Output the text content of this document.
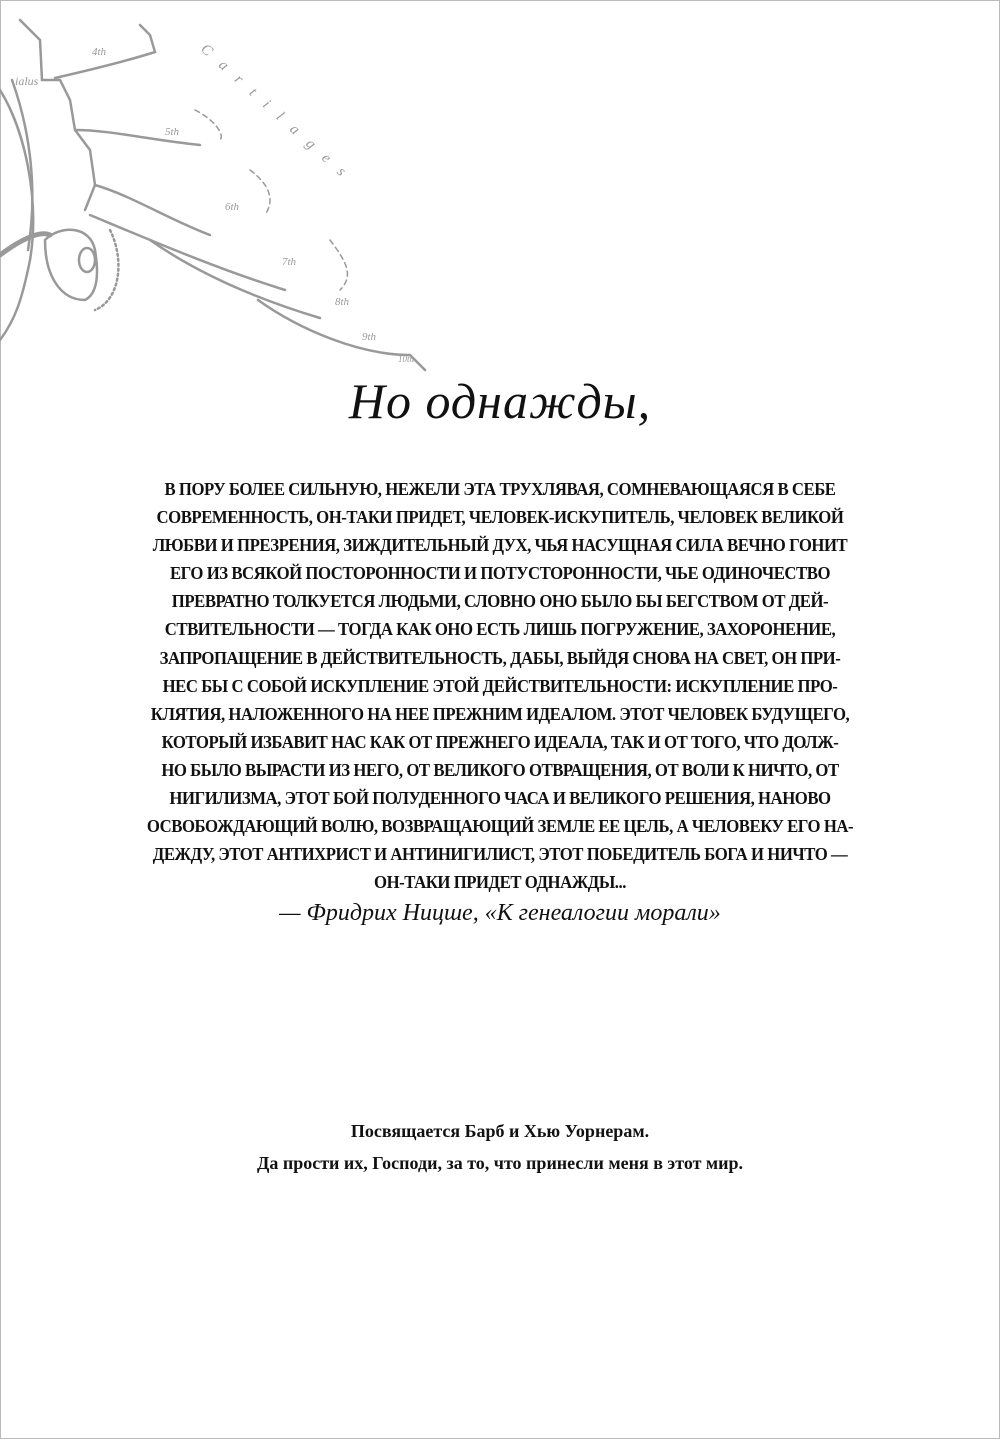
ialus
4th
5th
6th
7th
8th
9th
10th
Cartilages
Но однажды,
В ПОРУ БОЛЕЕ СИЛЬНУЮ, НЕЖЕЛИ ЭТА ТРУХЛЯВАЯ, СОМНЕВАЮЩАЯСЯ В СЕБЕ
СОВРЕМЕННОСТЬ, ОН-ТАКИ ПРИДЕТ, ЧЕЛОВЕК-ИСКУПИТЕЛЬ, ЧЕЛОВЕК ВЕЛИКОЙ
ЛЮБВИ И ПРЕЗРЕНИЯ, ЗИЖДИТЕЛЬНЫЙ ДУХ, ЧЬЯ НАСУЩНАЯ СИЛА ВЕЧНО ГОНИТ
ЕГО ИЗ ВСЯКОЙ ПОСТОРОННОСТИ И ПОТУСТОРОННОСТИ, ЧЬЕ ОДИНОЧЕСТВО
ПРЕВРАТНО ТОЛКУЕТСЯ ЛЮДЬМИ, СЛОВНО ОНО БЫЛО БЫ БЕГСТВОМ ОТ ДЕЙ-
СТВИТЕЛЬНОСТИ — ТОГДА КАК ОНО ЕСТЬ ЛИШЬ ПОГРУЖЕНИЕ, ЗАХОРОНЕНИЕ,
ЗАПРОПАЩЕНИЕ В ДЕЙСТВИТЕЛЬНОСТЬ, ДАБЫ, ВЫЙДЯ СНОВА НА СВЕТ, ОН ПРИ-
НЕС БЫ С СОБОЙ ИСКУПЛЕНИЕ ЭТОЙ ДЕЙСТВИТЕЛЬНОСТИ: ИСКУПЛЕНИЕ ПРО-
КЛЯТИЯ, НАЛОЖЕННОГО НА НЕЕ ПРЕЖНИМ ИДЕАЛОМ. ЭТОТ ЧЕЛОВЕК БУДУЩЕГО,
КОТОРЫЙ ИЗБАВИТ НАС КАК ОТ ПРЕЖНЕГО ИДЕАЛА, ТАК И ОТ ТОГО, ЧТО ДОЛЖ-
НО БЫЛО ВЫРАСТИ ИЗ НЕГО, ОТ ВЕЛИКОГО ОТВРАЩЕНИЯ, ОТ ВОЛИ К НИЧТО, ОТ
НИГИЛИЗМА, ЭТОТ БОЙ ПОЛУДЕННОГО ЧАСА И ВЕЛИКОГО РЕШЕНИЯ, НАНОВО
ОСВОБОЖДАЮЩИЙ ВОЛЮ, ВОЗВРАЩАЮЩИЙ ЗЕМЛЕ ЕЕ ЦЕЛЬ, А ЧЕЛОВЕКУ ЕГО НА-
ДЕЖДУ, ЭТОТ АНТИХРИСТ И АНТИНИГИЛИСТ, ЭТОТ ПОБЕДИТЕЛЬ БОГА И НИЧТО —
ОН-ТАКИ ПРИДЕТ ОДНАЖДЫ...
— Фридрих Ницше, «К генеалогии морали»
Посвящается Барб и Хью Уорнерам.
Да прости их, Господи, за то, что принесли меня в этот мир.
